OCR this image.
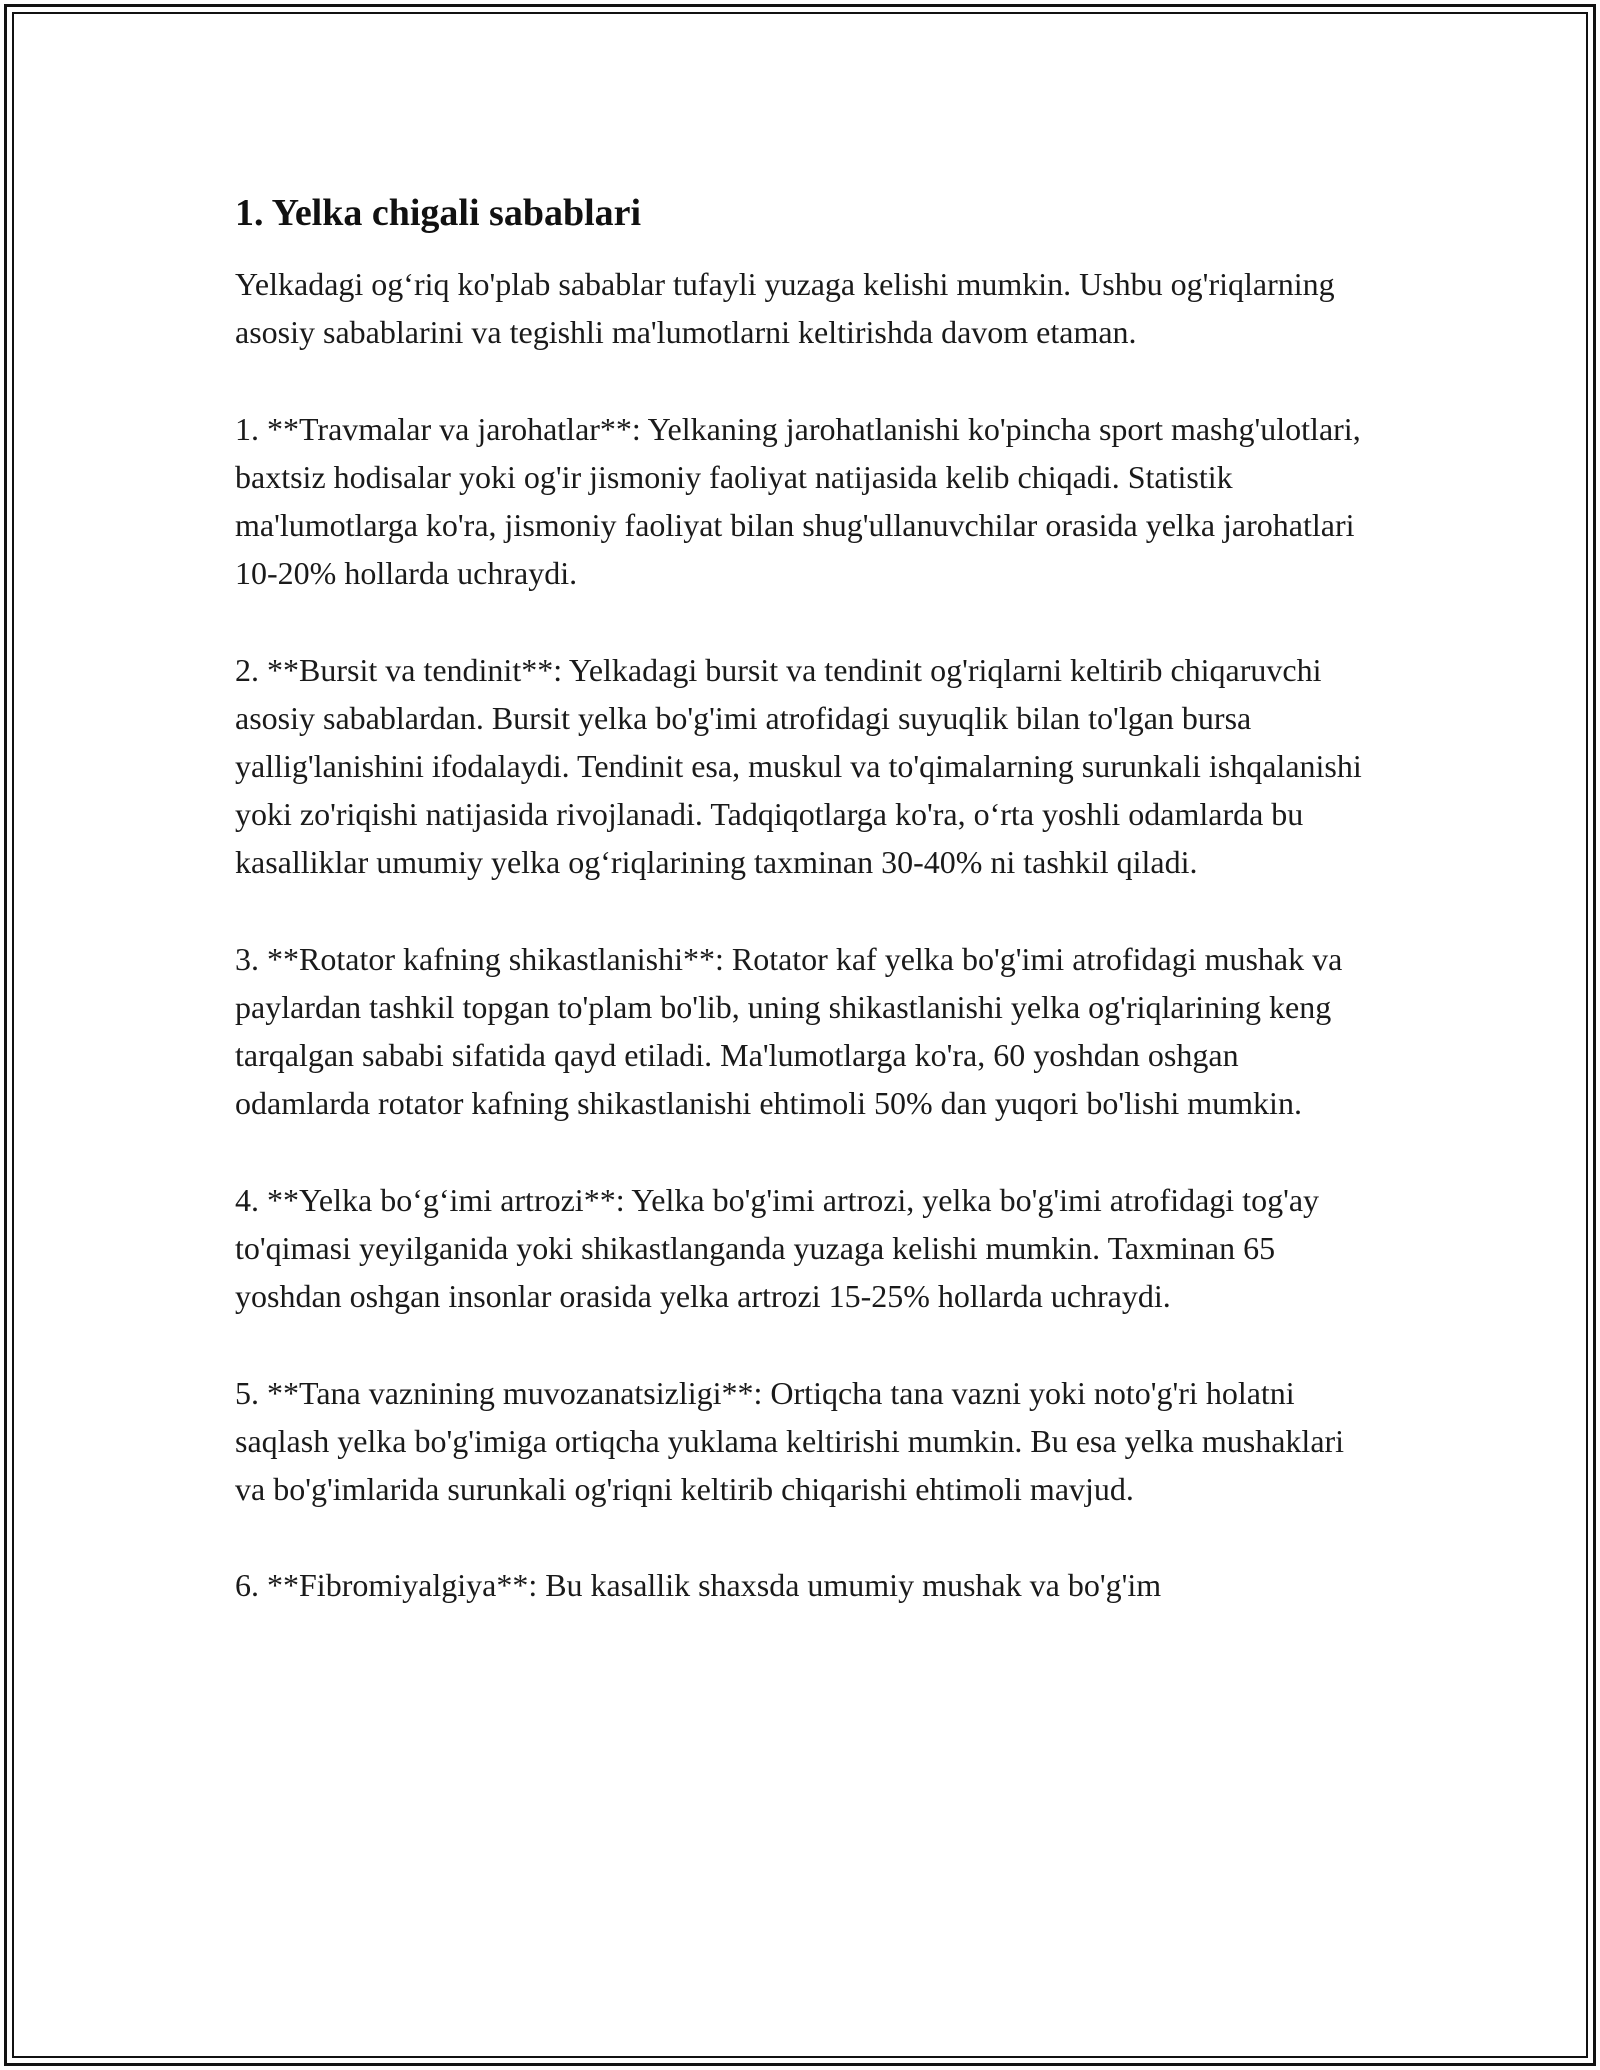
1. Yelka chigali sabablari

Yelkadagi og‘riq ko'plab sabablar tufayli yuzaga kelishi mumkin. Ushbu og'riqlarning asosiy sabablarini va tegishli ma'lumotlarni keltirishda davom etaman.

1. **Travmalar va jarohatlar**: Yelkaning jarohatlanishi ko'pincha sport mashg'ulotlari, baxtsiz hodisalar yoki og'ir jismoniy faoliyat natijasida kelib chiqadi. Statistik ma'lumotlarga ko'ra, jismoniy faoliyat bilan shug'ullanuvchilar orasida yelka jarohatlari 10-20% hollarda uchraydi.

2. **Bursit va tendinit**: Yelkadagi bursit va tendinit og'riqlarni keltirib chiqaruvchi asosiy sabablardan. Bursit yelka bo'g'imi atrofidagi suyuqlik bilan to'lgan bursa yallig'lanishini ifodalaydi. Tendinit esa, muskul va to'qimalarning surunkali ishqalanishi yoki zo'riqishi natijasida rivojlanadi. Tadqiqotlarga ko'ra, o‘rta yoshli odamlarda bu kasalliklar umumiy yelka og‘riqlarining taxminan 30-40% ni tashkil qiladi.

3. **Rotator kafning shikastlanishi**: Rotator kaf yelka bo'g'imi atrofidagi mushak va paylardan tashkil topgan to'plam bo'lib, uning shikastlanishi yelka og'riqlarining keng tarqalgan sababi sifatida qayd etiladi. Ma'lumotlarga ko'ra, 60 yoshdan oshgan odamlarda rotator kafning shikastlanishi ehtimoli 50% dan yuqori bo'lishi mumkin.

4. **Yelka bo‘g‘imi artrozi**: Yelka bo'g'imi artrozi, yelka bo'g'imi atrofidagi tog'ay to'qimasi yeyilganida yoki shikastlanganda yuzaga kelishi mumkin. Taxminan 65 yoshdan oshgan insonlar orasida yelka artrozi 15-25% hollarda uchraydi.

5. **Tana vaznining muvozanatsizligi**: Ortiqcha tana vazni yoki noto'g'ri holatni saqlash yelka bo'g'imiga ortiqcha yuklama keltirishi mumkin. Bu esa yelka mushaklari va bo'g'imlarida surunkali og'riqni keltirib chiqarishi ehtimoli mavjud.

6. **Fibromiyalgiya**: Bu kasallik shaxsda umumiy mushak va bo'g'im
